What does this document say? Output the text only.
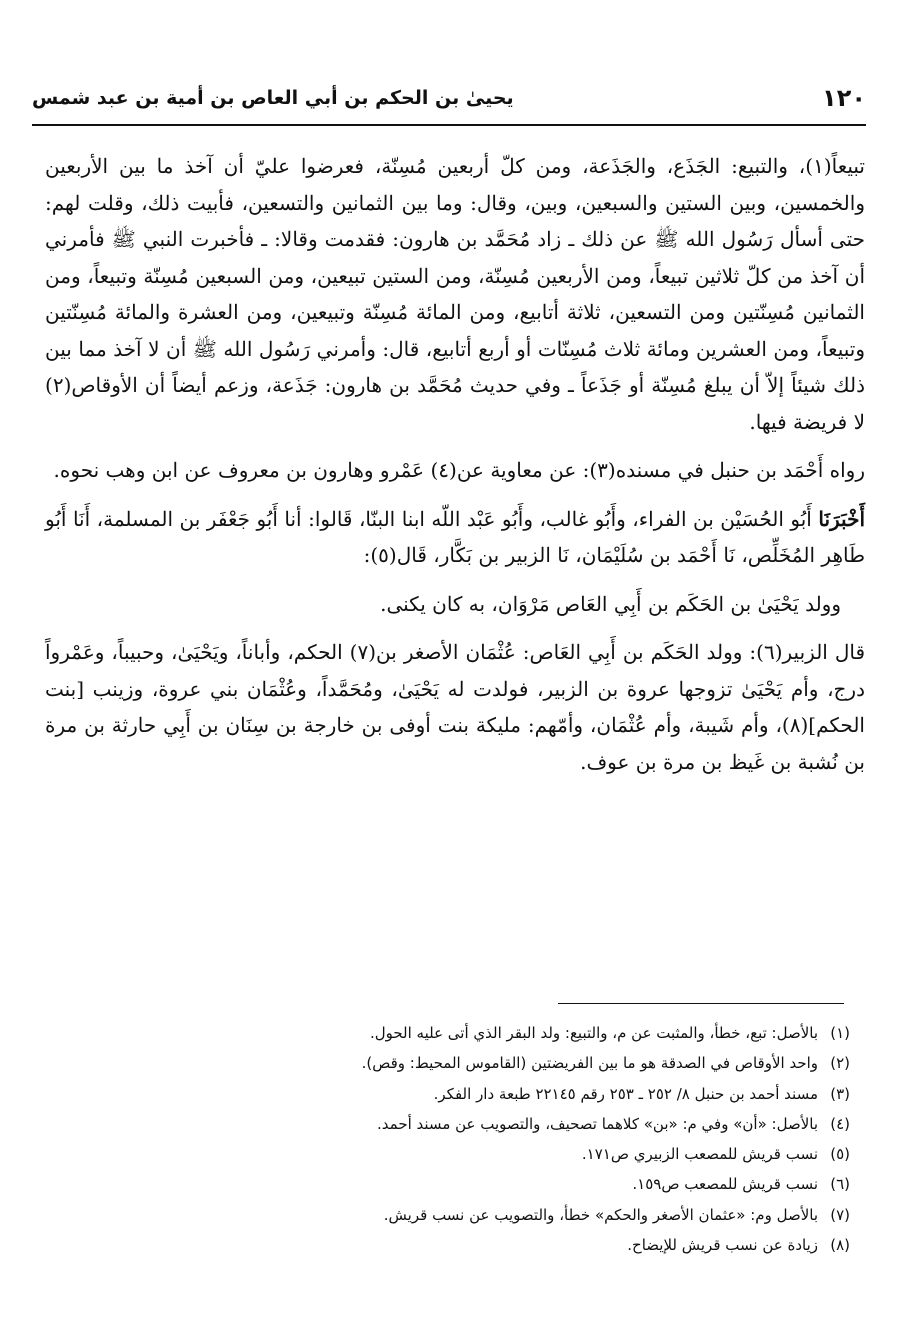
١٢٠
يحيىٰ بن الحكم بن أبي العاص بن أمية بن عبد شمس

تبيعاً(١)، والتبيع: الجَذَع، والجَذَعة، ومن كلّ أربعين مُسِنّة، فعرضوا عليّ أن آخذ ما بين الأربعين والخمسين، وبين الستين والسبعين، وبين، وقال: وما بين الثمانين والتسعين، فأبيت ذلك، وقلت لهم: حتى أسأل رَسُول الله ﷺ عن ذلك ـ زاد مُحَمَّد بن هارون: فقدمت وقالا: ـ فأخبرت النبي ﷺ فأمرني أن آخذ من كلّ ثلاثين تبيعاً، ومن الأربعين مُسِنّة، ومن الستين تبيعين، ومن السبعين مُسِنّة وتبيعاً، ومن الثمانين مُسِنّتين ومن التسعين، ثلاثة أتابيع، ومن المائة مُسِنّة وتبيعين، ومن العشرة والمائة مُسِنّتين وتبيعاً، ومن العشرين ومائة ثلاث مُسِنّات أو أربع أتابيع، قال: وأمرني رَسُول الله ﷺ أن لا آخذ مما بين ذلك شيئاً إلاّ أن يبلغ مُسِنّة أو جَذَعاً ـ وفي حديث مُحَمَّد بن هارون: جَذَعة، وزعم أيضاً أن الأوقاص(٢) لا فريضة فيها.

رواه أَحْمَد بن حنبل في مسنده(٣): عن معاوية عن(٤) عَمْرو وهارون بن معروف عن ابن وهب نحوه.

أَخْبَرَنَا أَبُو الحُسَيْن بن الفراء، وأَبُو غالب، وأَبُو عَبْد اللّه ابنا البنّا، قَالوا: أنا أَبُو جَعْفَر بن المسلمة، أَنَا أَبُو طَاهِر المُخَلِّص، نَا أَحْمَد بن سُلَيْمَان، نَا الزبير بن بَكَّار، قَال(٥):

وولد يَحْيَىٰ بن الحَكَم بن أَبِي العَاص مَرْوَان، به كان يكنى.

قال الزبير(٦): وولد الحَكَم بن أَبِي العَاص: عُثْمَان الأصغر بن(٧) الحكم، وأباناً، ويَحْيَىٰ، وحبيباً، وعَمْرواً درج، وأم يَحْيَىٰ تزوجها عروة بن الزبير، فولدت له يَحْيَىٰ، ومُحَمَّداً، وعُثْمَان بني عروة، وزينب [بنت الحكم](٨)، وأم شَيبة، وأم عُثْمَان، وأمّهم: مليكة بنت أوفى بن خارجة بن سِنَان بن أَبِي حارثة بن مرة بن نُشبة بن غَيظ بن مرة بن عوف.

(١)بالأصل: تبع، خطأ، والمثبت عن م، والتبيع: ولد البقر الذي أتى عليه الحول.
(٢)واحد الأوقاص في الصدقة هو ما بين الفريضتين (القاموس المحيط: وقص).
(٣)مسند أحمد بن حنبل ٨/ ٢٥٢ ـ ٢٥٣ رقم ٢٢١٤٥ طبعة دار الفكر.
(٤)بالأصل: «أن» وفي م: «بن» كلاهما تصحيف، والتصويب عن مسند أحمد.
(٥)نسب قريش للمصعب الزبيري ص١٧١.
(٦)نسب قريش للمصعب ص١٥٩.
(٧)بالأصل وم: «عثمان الأصغر والحكم» خطأ، والتصويب عن نسب قريش.
(٨)زيادة عن نسب قريش للإيضاح.
